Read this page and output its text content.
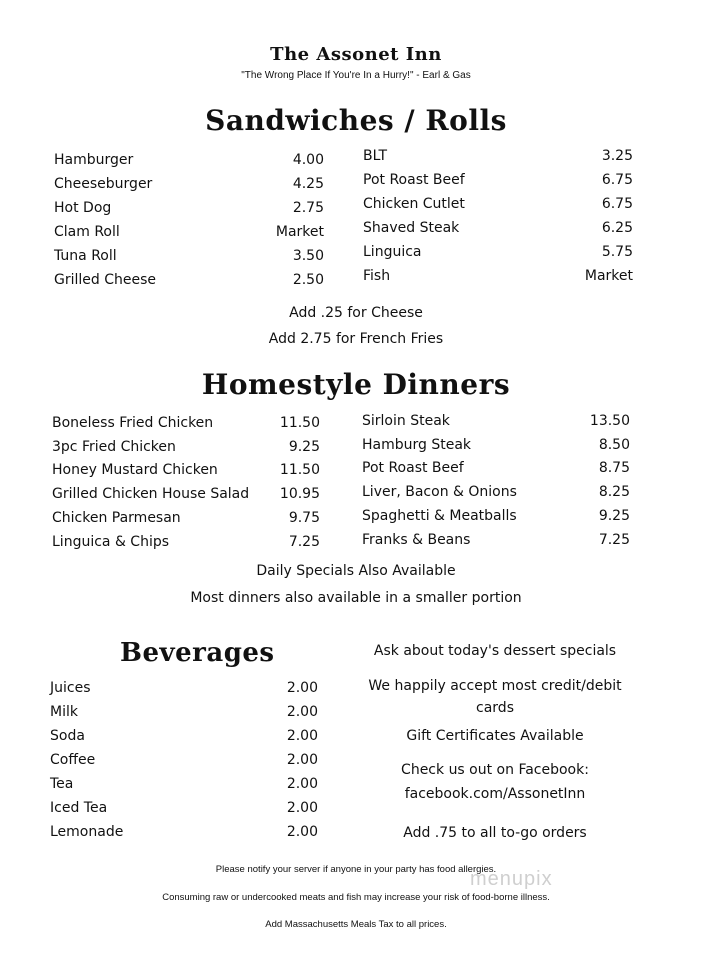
The Assonet Inn
"The Wrong Place If You're In a Hurry!" - Earl & Gas
Sandwiches / Rolls
Hamburger	4.00
Cheeseburger	4.25
Hot Dog	2.75
Clam Roll	Market
Tuna Roll	3.50
Grilled Cheese	2.50
BLT	3.25
Pot Roast Beef	6.75
Chicken Cutlet	6.75
Shaved Steak	6.25
Linguica	5.75
Fish	Market
Add .25 for Cheese
Add 2.75 for French Fries
Homestyle Dinners
Boneless Fried Chicken	11.50
3pc Fried Chicken	9.25
Honey Mustard Chicken	11.50
Grilled Chicken House Salad 10.95
Chicken Parmesan	9.75
Linguica & Chips	7.25
Sirloin Steak	13.50
Hamburg Steak	8.50
Pot Roast Beef	8.75
Liver, Bacon & Onions	8.25
Spaghetti & Meatballs	9.25
Franks & Beans	7.25
Daily Specials Also Available
Most dinners also available in a smaller portion
Beverages
Juices	2.00
Milk	2.00
Soda	2.00
Coffee	2.00
Tea	2.00
Iced Tea	2.00
Lemonade	2.00
Ask about today's dessert specials
We happily accept most credit/debit
cards
Gift Certificates Available
Check us out on Facebook:
facebook.com/AssonetInn
Add .75 to all to-go orders
Please notify your server if anyone in your party has food allergies.
Consuming raw or undercooked meats and fish may increase your risk of food-borne illness.
Add Massachusetts Meals Tax to all prices.
menupix
